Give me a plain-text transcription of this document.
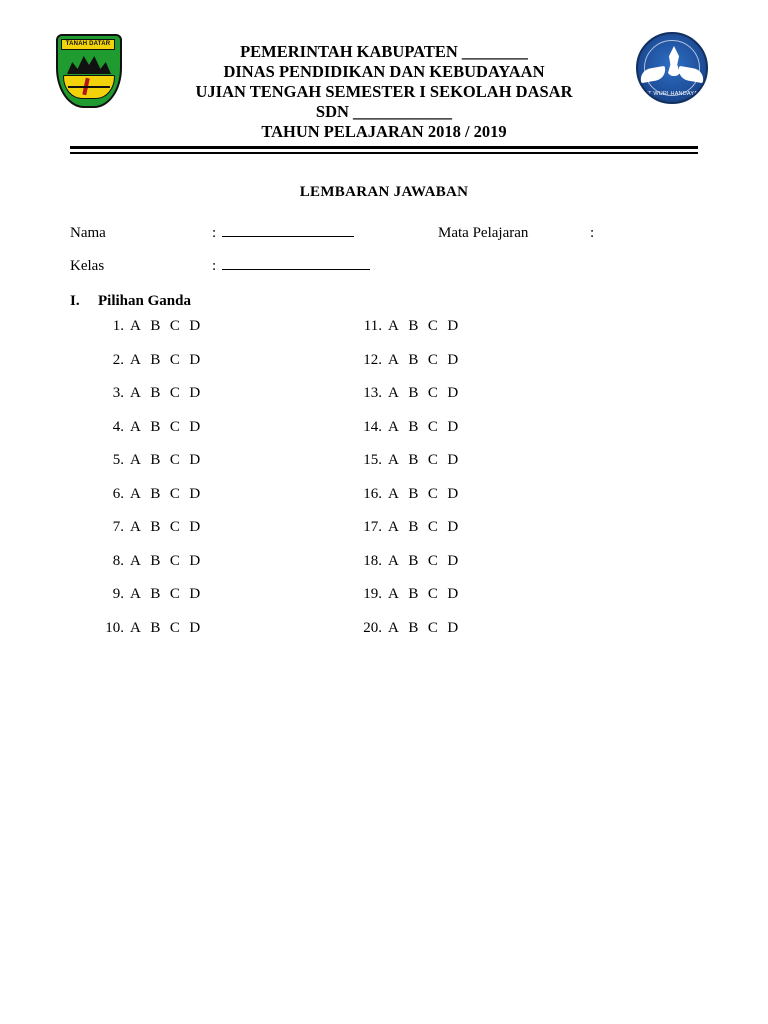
TANAH DATAR	PEMERINTAH KABUPATEN ________
DINAS PENDIDIKAN DAN KEBUDAYAAN
UJIAN TENGAH SEMESTER I SEKOLAH DASAR
SDN ____________
TAHUN PELAJARAN 2018 / 2019
TUT WURI HANDAYANI
LEMBARAN JAWABAN
Nama	:	Mata Pelajaran	:
Kelas	:
I.	Pilihan Ganda
1. A B C D
2. A B C D
3. A B C D
4. A B C D
5. A B C D
6. A B C D
7. A B C D
8. A B C D
9. A B C D
10. A B C D
11. A B C D
12. A B C D
13. A B C D
14. A B C D
15. A B C D
16. A B C D
17. A B C D
18. A B C D
19. A B C D
20. A B C D
